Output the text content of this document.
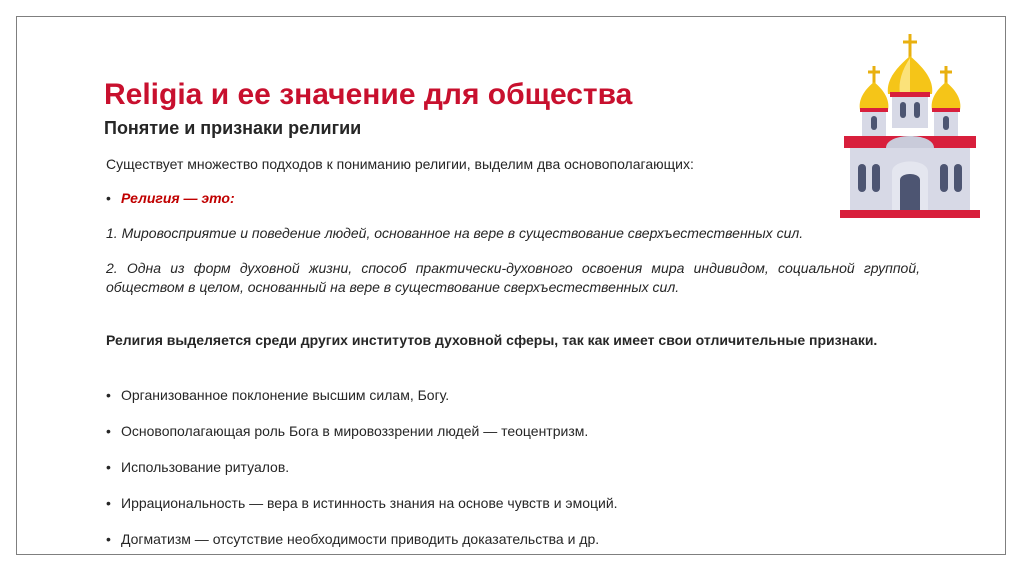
Religia и ее значение для общества
Понятие и признаки религии
Существует множество подходов к пониманию религии, выделим два основополагающих:
• Религия — это:
1. Мировосприятие и поведение людей, основанное на вере в существование сверхъестественных сил.
2. Одна из форм духовной жизни, способ практически-духовного освоения мира индивидом, социальной группой, обществом в целом, основанный на вере в существование сверхъестественных сил.
Религия выделяется среди других институтов духовной сферы, так как имеет свои отличительные признаки.
• Организованное поклонение высшим силам, Богу.
• Основополагающая роль Бога в мировоззрении людей — теоцентризм.
• Использование ритуалов.
• Иррациональность — вера в истинность знания на основе чувств и эмоций.
• Догматизм — отсутствие необходимости приводить доказательства и др.
